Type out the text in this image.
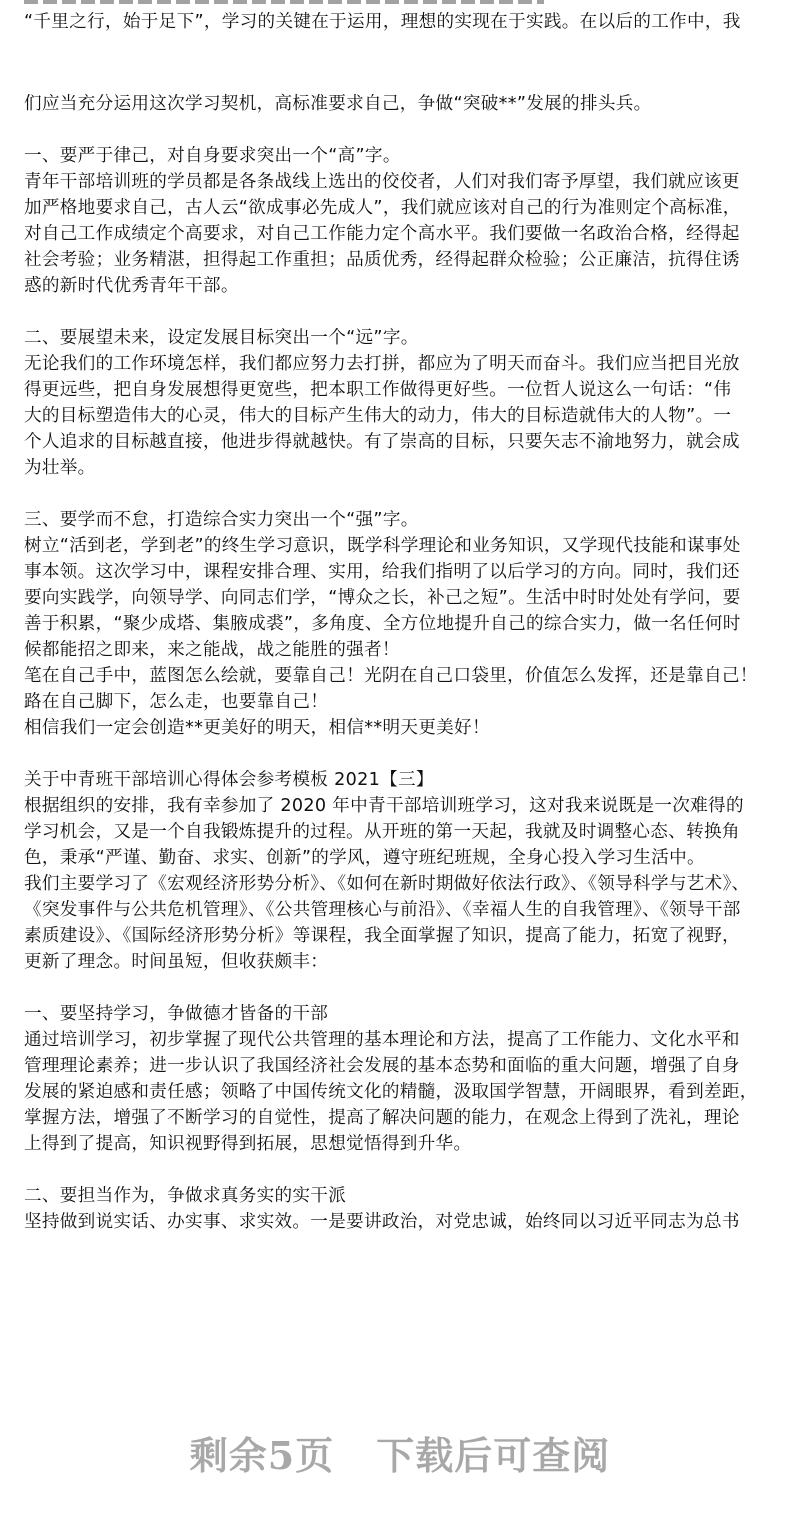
“千里之行，始于足下”，学习的关键在于运用，理想的实现在于实践。在以后的工作中，我
们应当充分运用这次学习契机，高标准要求自己，争做“突破**”发展的排头兵。
一、要严于律己，对自身要求突出一个“高”字。
青年干部培训班的学员都是各条战线上选出的佼佼者，人们对我们寄予厚望，我们就应该更
加严格地要求自己，古人云“欲成事必先成人”，我们就应该对自己的行为准则定个高标准，
对自己工作成绩定个高要求，对自己工作能力定个高水平。我们要做一名政治合格，经得起
社会考验；业务精湛，担得起工作重担；品质优秀，经得起群众检验；公正廉洁，抗得住诱
惑的新时代优秀青年干部。
二、要展望未来，设定发展目标突出一个“远”字。
无论我们的工作环境怎样，我们都应努力去打拼，都应为了明天而奋斗。我们应当把目光放
得更远些，把自身发展想得更宽些，把本职工作做得更好些。一位哲人说这么一句话：“伟
大的目标塑造伟大的心灵，伟大的目标产生伟大的动力，伟大的目标造就伟大的人物”。一
个人追求的目标越直接，他进步得就越快。有了崇高的目标，只要矢志不渝地努力，就会成
为壮举。
三、要学而不怠，打造综合实力突出一个“强”字。
树立“活到老，学到老”的终生学习意识，既学科学理论和业务知识，又学现代技能和谋事处
事本领。这次学习中，课程安排合理、实用，给我们指明了以后学习的方向。同时，我们还
要向实践学，向领导学、向同志们学，“博众之长，补己之短”。生活中时时处处有学问，要
善于积累，“聚少成塔、集腋成裘”，多角度、全方位地提升自己的综合实力，做一名任何时
候都能招之即来，来之能战，战之能胜的强者！
笔在自己手中，蓝图怎么绘就，要靠自己！光阴在自己口袋里，价值怎么发挥，还是靠自己！
路在自己脚下，怎么走，也要靠自己！
相信我们一定会创造**更美好的明天，相信**明天更美好！
关于中青班干部培训心得体会参考模板 2021【三】
根据组织的安排，我有幸参加了 2020 年中青干部培训班学习，这对我来说既是一次难得的
学习机会，又是一个自我锻炼提升的过程。从开班的第一天起，我就及时调整心态、转换角
色，秉承“严谨、勤奋、求实、创新”的学风，遵守班纪班规，全身心投入学习生活中。
我们主要学习了《宏观经济形势分析》、《如何在新时期做好依法行政》、《领导科学与艺术》、
《突发事件与公共危机管理》、《公共管理核心与前沿》、《幸福人生的自我管理》、《领导干部
素质建设》、《国际经济形势分析》等课程，我全面掌握了知识，提高了能力，拓宽了视野，
更新了理念。时间虽短，但收获颇丰：
一、要坚持学习，争做德才皆备的干部
通过培训学习，初步掌握了现代公共管理的基本理论和方法，提高了工作能力、文化水平和
管理理论素养；进一步认识了我国经济社会发展的基本态势和面临的重大问题，增强了自身
发展的紧迫感和责任感；领略了中国传统文化的精髓，汲取国学智慧，开阔眼界，看到差距，
掌握方法，增强了不断学习的自觉性，提高了解决问题的能力，在观念上得到了洗礼，理论
上得到了提高，知识视野得到拓展，思想觉悟得到升华。
二、要担当作为，争做求真务实的实干派
坚持做到说实话、办实事、求实效。一是要讲政治，对党忠诚，始终同以习近平同志为总书
剩余5页 下载后可查阅
